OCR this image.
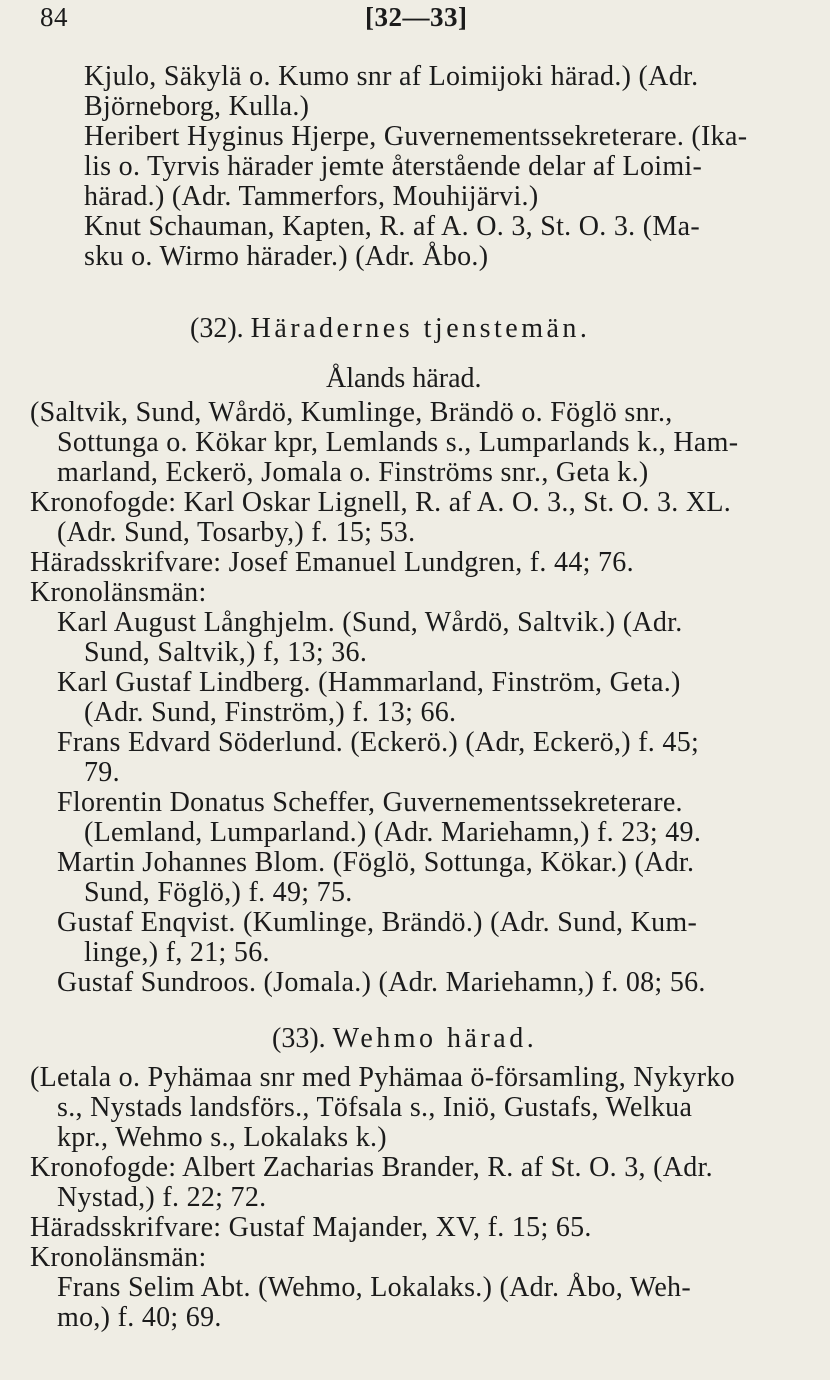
84	[32—33]
Kjulo, Säkylä o. Kumo snr af Loimijoki härad.) (Adr.
Björneborg, Kulla.)
Heribert Hyginus Hjerpe, Guvernementssekreterare. (Ika-
lis o. Tyrvis härader jemte återstående delar af Loimi-
härad.) (Adr. Tammerfors, Mouhijärvi.)
Knut Schauman, Kapten, R. af A. O. 3, St. O. 3. (Ma-
sku o. Wirmo härader.) (Adr. Åbo.)
(32). Häradernes tjenstemän.
Ålands härad.
(Saltvik, Sund, Wårdö, Kumlinge, Brändö o. Föglö snr.,
Sottunga o. Kökar kpr, Lemlands s., Lumparlands k., Ham-
marland, Eckerö, Jomala o. Finströms snr., Geta k.)
Kronofogde: Karl Oskar Lignell, R. af A. O. 3., St. O. 3. XL.
(Adr. Sund, Tosarby,) f. 15; 53.
Häradsskrifvare: Josef Emanuel Lundgren, f. 44; 76.
Kronolänsmän:
Karl August Långhjelm. (Sund, Wårdö, Saltvik.) (Adr.
Sund, Saltvik,) f, 13; 36.
Karl Gustaf Lindberg. (Hammarland, Finström, Geta.)
(Adr. Sund, Finström,) f. 13; 66.
Frans Edvard Söderlund. (Eckerö.) (Adr, Eckerö,) f. 45;
79.
Florentin Donatus Scheffer, Guvernementssekreterare.
(Lemland, Lumparland.) (Adr. Mariehamn,) f. 23; 49.
Martin Johannes Blom. (Föglö, Sottunga, Kökar.) (Adr.
Sund, Föglö,) f. 49; 75.
Gustaf Enqvist. (Kumlinge, Brändö.) (Adr. Sund, Kum-
linge,) f, 21; 56.
Gustaf Sundroos. (Jomala.) (Adr. Mariehamn,) f. 08; 56.
(33). Wehmo härad.
(Letala o. Pyhämaa snr med Pyhämaa ö-församling, Nykyrko
s., Nystads landsförs., Töfsala s., Iniö, Gustafs, Welkua
kpr., Wehmo s., Lokalaks k.)
Kronofogde: Albert Zacharias Brander, R. af St. O. 3, (Adr.
Nystad,) f. 22; 72.
Häradsskrifvare: Gustaf Majander, XV, f. 15; 65.
Kronolänsmän:
Frans Selim Abt. (Wehmo, Lokalaks.) (Adr. Åbo, Weh-
mo,) f. 40; 69.
